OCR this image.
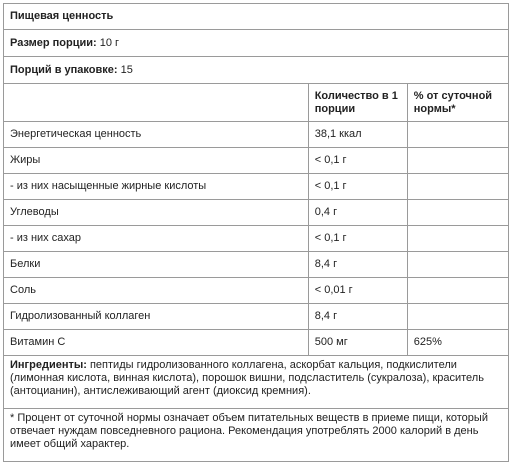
Пищевая ценность		
Размер порции: 10 г		
Порций в упаковке: 15		
	Количество в 1 порции	% от суточной нормы*
Энергетическая ценность	38,1 ккал	
Жиры	< 0,1 г	
- из них насыщенные жирные кислоты	< 0,1 г	
Углеводы	0,4 г	
- из них сахар	< 0,1 г	
Белки	8,4 г	
Соль	< 0,01 г	
Гидролизованный коллаген	8,4 г	
Витамин С	500 мг	625%
Ингредиенты: пептиды гидролизованного коллагена, аскорбат кальция, подкислители (лимонная кислота, винная кислота), порошок вишни, подсластитель (сукралоза), краситель (антоцианин), антислеживающий агент (диоксид кремния).		
* Процент от суточной нормы означает объем питательных веществ в приеме пищи, который отвечает нуждам повседневного рациона. Рекомендация употреблять 2000 калорий в день имеет общий характер.		
